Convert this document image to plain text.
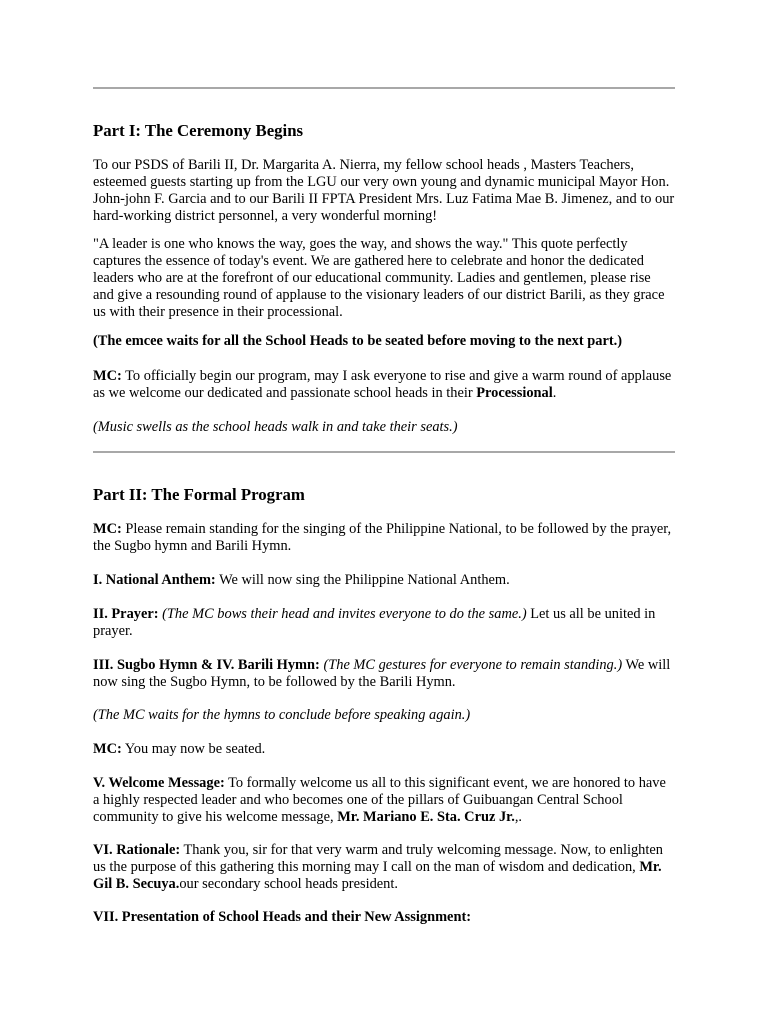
Part I: The Ceremony Begins

To our PSDS of Barili II, Dr. Margarita A. Nierra, my fellow school heads , Masters Teachers, esteemed guests starting up from the LGU our very own young and dynamic municipal Mayor Hon. John-john F. Garcia and to our Barili II FPTA President Mrs. Luz Fatima Mae B. Jimenez, and to our hard-working district personnel, a very wonderful morning!

"A leader is one who knows the way, goes the way, and shows the way." This quote perfectly captures the essence of today's event. We are gathered here to celebrate and honor the dedicated leaders who are at the forefront of our educational community. Ladies and gentlemen, please rise and give a resounding round of applause to the visionary leaders of our district Barili, as they grace us with their presence in their processional.

(The emcee waits for all the School Heads to be seated before moving to the next part.)

MC: To officially begin our program, may I ask everyone to rise and give a warm round of applause as we welcome our dedicated and passionate school heads in their Processional.

(Music swells as the school heads walk in and take their seats.)

Part II: The Formal Program

MC: Please remain standing for the singing of the Philippine National, to be followed by the prayer, the Sugbo hymn and Barili Hymn.

I. National Anthem: We will now sing the Philippine National Anthem.

II. Prayer: (The MC bows their head and invites everyone to do the same.) Let us all be united in prayer.

III. Sugbo Hymn & IV. Barili Hymn: (The MC gestures for everyone to remain standing.) We will now sing the Sugbo Hymn, to be followed by the Barili Hymn.

(The MC waits for the hymns to conclude before speaking again.)

MC: You may now be seated.

V. Welcome Message: To formally welcome us all to this significant event, we are honored to have a highly respected leader and who becomes one of the pillars of Guibuangan Central School community to give his welcome message, Mr. Mariano E. Sta. Cruz Jr.,.

VI. Rationale: Thank you, sir for that very warm and truly welcoming message. Now, to enlighten us the purpose of this gathering this morning may I call on the man of wisdom and dedication, Mr. Gil B. Secuya.our secondary school heads president.

VII. Presentation of School Heads and their New Assignment:
